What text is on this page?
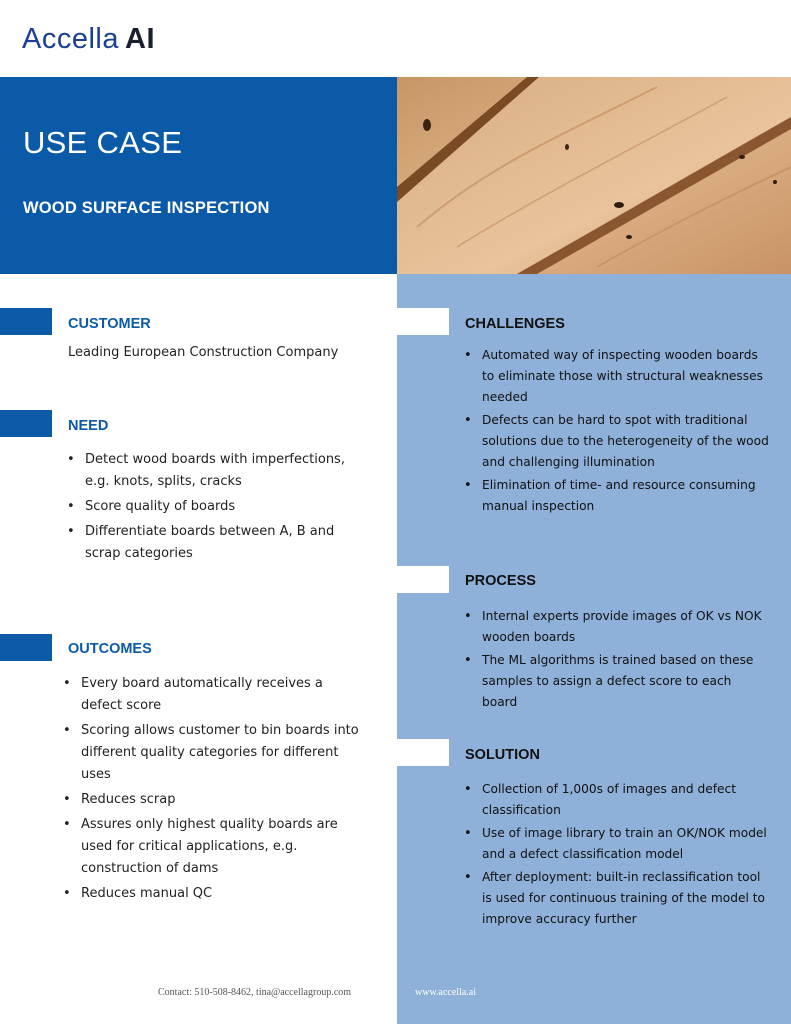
Accella AI
USE CASE
WOOD SURFACE INSPECTION
CUSTOMER
Leading European Construction Company
NEED
• Detect wood boards with imperfections, e.g. knots, splits, cracks
• Score quality of boards
• Differentiate boards between A, B and scrap categories
OUTCOMES
• Every board automatically receives a defect score
• Scoring allows customer to bin boards into different quality categories for different uses
• Reduces scrap
• Assures only highest quality boards are used for critical applications, e.g. construction of dams
• Reduces manual QC
CHALLENGES
• Automated way of inspecting wooden boards to eliminate those with structural weaknesses needed
• Defects can be hard to spot with traditional solutions due to the heterogeneity of the wood and challenging illumination
• Elimination of time- and resource consuming manual inspection
PROCESS
• Internal experts provide images of OK vs NOK wooden boards
• The ML algorithms is trained based on these samples to assign a defect score to each board
SOLUTION
• Collection of 1,000s of images and defect classification
• Use of image library to train an OK/NOK model and a defect classification model
• After deployment: built-in reclassification tool is used for continuous training of the model to improve accuracy further
Contact: 510-508-8462, tina@accellagroup.com	www.accella.ai
